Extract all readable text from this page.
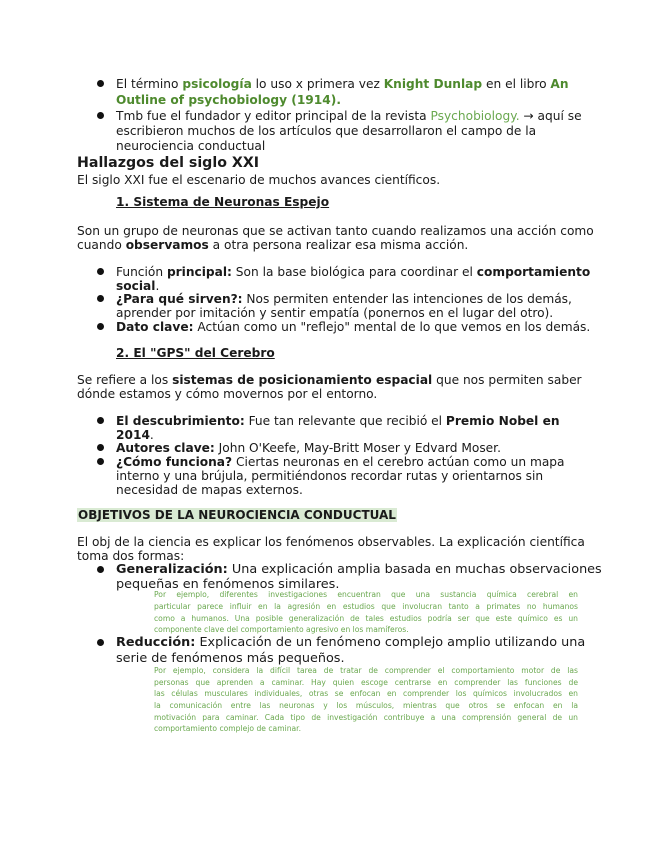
El término psicología lo uso x primera vez Knight Dunlap en el libro An
Outline of psychobiology (1914).
Tmb fue el fundador y editor principal de la revista Psychobiology. → aquí se
escribieron muchos de los artículos que desarrollaron el campo de la
neurociencia conductual
Hallazgos del siglo XXI
El siglo XXI fue el escenario de muchos avances científicos.
1. Sistema de Neuronas Espejo
Son un grupo de neuronas que se activan tanto cuando realizamos una acción como
cuando observamos a otra persona realizar esa misma acción.
Función principal: Son la base biológica para coordinar el comportamiento
social.
¿Para qué sirven?: Nos permiten entender las intenciones de los demás,
aprender por imitación y sentir empatía (ponernos en el lugar del otro).
Dato clave: Actúan como un "reflejo" mental de lo que vemos en los demás.
2. El "GPS" del Cerebro
Se refiere a los sistemas de posicionamiento espacial que nos permiten saber
dónde estamos y cómo movernos por el entorno.
El descubrimiento: Fue tan relevante que recibió el Premio Nobel en
2014.
Autores clave: John O'Keefe, May-Britt Moser y Edvard Moser.
¿Cómo funciona? Ciertas neuronas en el cerebro actúan como un mapa
interno y una brújula, permitiéndonos recordar rutas y orientarnos sin
necesidad de mapas externos.
OBJETIVOS DE LA NEUROCIENCIA CONDUCTUAL
El obj de la ciencia es explicar los fenómenos observables. La explicación científica
toma dos formas:
Generalización: Una explicación amplia basada en muchas observaciones
pequeñas en fenómenos similares.
Por ejemplo, diferentes investigaciones encuentran que una sustancia química cerebral en
particular parece influir en la agresión en estudios que involucran tanto a primates no humanos
como a humanos. Una posible generalización de tales estudios podría ser que este químico es un
componente clave del comportamiento agresivo en los mamíferos.
Reducción: Explicación de un fenómeno complejo amplio utilizando una
serie de fenómenos más pequeños.
Por ejemplo, considera la difícil tarea de tratar de comprender el comportamiento motor de las
personas que aprenden a caminar. Hay quien escoge centrarse en comprender las funciones de
las células musculares individuales, otras se enfocan en comprender los químicos involucrados en
la comunicación entre las neuronas y los músculos, mientras que otros se enfocan en la
motivación para caminar. Cada tipo de investigación contribuye a una comprensión general de un
comportamiento complejo de caminar.
